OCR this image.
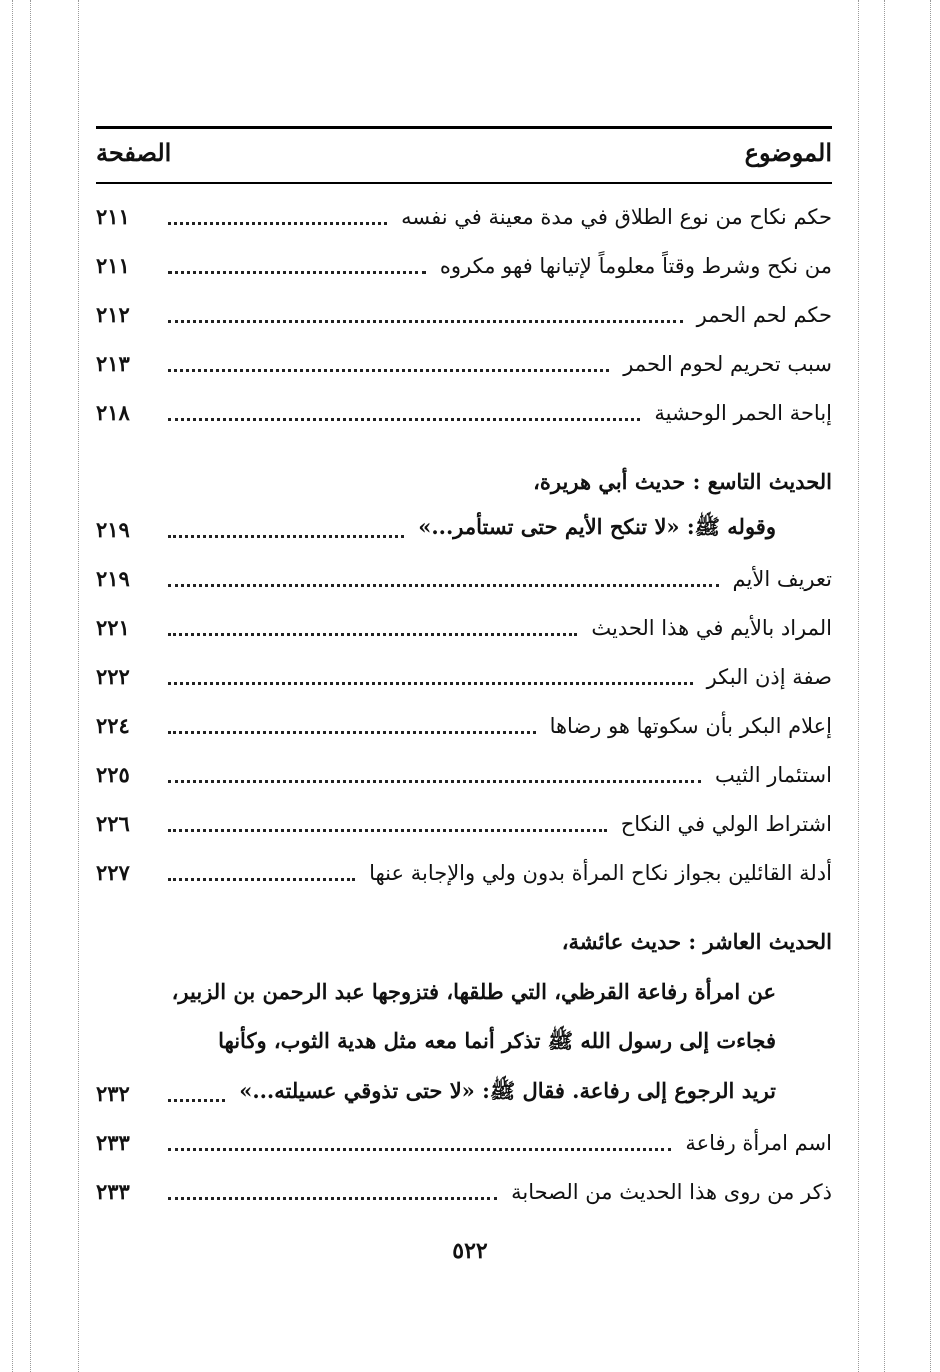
الموضوع
الصفحة
حكم نكاح من نوع الطلاق في مدة معينة في نفسه
٢١١
من نكح وشرط وقتاً معلوماً لإتيانها فهو مكروه
٢١١
حكم لحم الحمر
٢١٢
سبب تحريم لحوم الحمر
٢١٣
إباحة الحمر الوحشية
٢١٨
الحديث التاسع : حديث أبي هريرة،
وقوله ﷺ: «لا تنكح الأيم حتى تستأمر...»
٢١٩
تعريف الأيم
٢١٩
المراد بالأيم في هذا الحديث
٢٢١
صفة إذن البكر
٢٢٢
إعلام البكر بأن سكوتها هو رضاها
٢٢٤
استئمار الثيب
٢٢٥
اشتراط الولي في النكاح
٢٢٦
أدلة القائلين بجواز نكاح المرأة بدون ولي والإجابة عنها
٢٢٧
الحديث العاشر : حديث عائشة،
عن امرأة رفاعة القرظي، التي طلقها، فتزوجها عبد الرحمن بن الزبير،
فجاءت إلى رسول الله ﷺ تذكر أنما معه مثل هدية الثوب، وكأنها
تريد الرجوع إلى رفاعة. فقال ﷺ: «لا حتى تذوقي عسيلته...»
٢٣٢
اسم امرأة رفاعة
٢٣٣
ذكر من روى هذا الحديث من الصحابة
٢٣٣
٥٢٢
